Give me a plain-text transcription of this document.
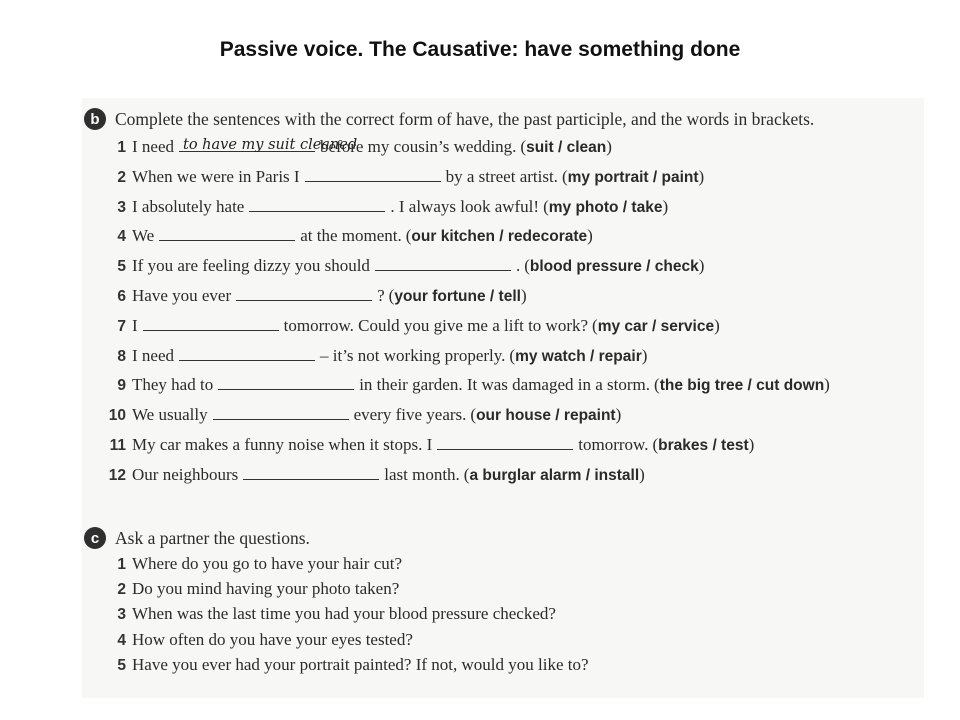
Passive voice. The Causative: have something done
b Complete the sentences with the correct form of have, the past participle, and the words in brackets.
1 I need to have my suit cleaned
before my cousin’s wedding. (suit / clean)
2 When we were in Paris I	by a street artist. (my portrait / paint)
3 I absolutely hate	. I always look awful! (my photo / take)
4 We	at the moment. (our kitchen / redecorate)
5 If you are feeling dizzy you should	. (blood pressure / check)
6 Have you ever	? (your fortune / tell)
7 I	tomorrow. Could you give me a lift to work? (my car / service)
8 I need	– it’s not working properly. (my watch / repair)
9 They had to	in their garden. It was damaged in a storm. (the big tree / cut down)
10 We usually	every five years. (our house / repaint)
11 My car makes a funny noise when it stops. I	tomorrow. (brakes / test)
12 Our neighbours	last month. (a burglar alarm / install)
c Ask a partner the questions.
1 Where do you go to have your hair cut?
2 Do you mind having your photo taken?
3 When was the last time you had your blood pressure checked?
4 How often do you have your eyes tested?
5 Have you ever had your portrait painted? If not, would you like to?
